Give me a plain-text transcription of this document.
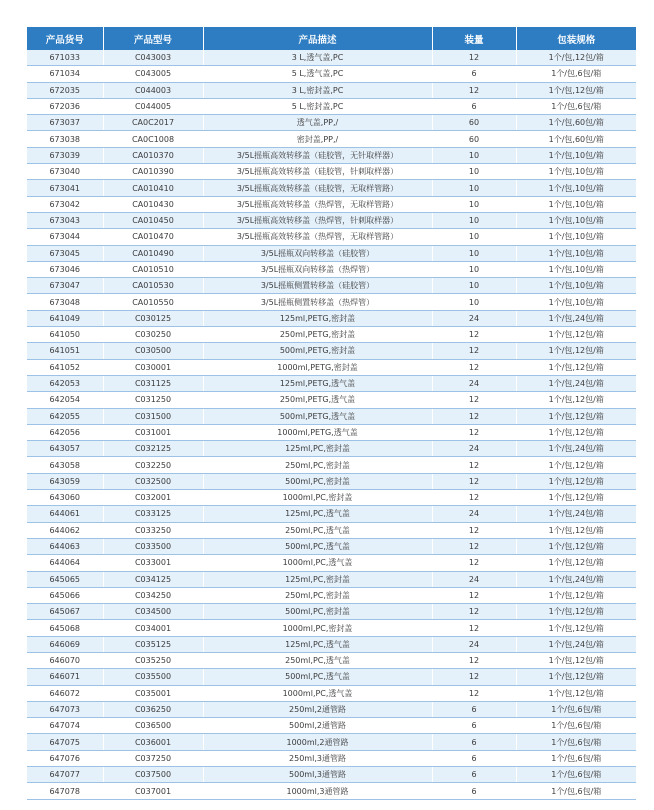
产品货号	产品型号	产品描述	装量	包装规格
671033	C043003	3 L,透气盖,PC	12	1个/包,12包/箱
671034	C043005	5 L,透气盖,PC	6	1个/包,6包/箱
672035	C044003	3 L,密封盖,PC	12	1个/包,12包/箱
672036	C044005	5 L,密封盖,PC	6	1个/包,6包/箱
673037	CA0C2017	透气盖,PP,/	60	1个/包,60包/箱
673038	CA0C1008	密封盖,PP,/	60	1个/包,60包/箱
673039	CA010370	3/5L摇瓶高效转移盖（硅胶管，无针取样器）	10	1个/包,10包/箱
673040	CA010390	3/5L摇瓶高效转移盖（硅胶管，针刺取样器）	10	1个/包,10包/箱
673041	CA010410	3/5L摇瓶高效转移盖（硅胶管，无取样管路）	10	1个/包,10包/箱
673042	CA010430	3/5L摇瓶高效转移盖（热焊管，无取样管路）	10	1个/包,10包/箱
673043	CA010450	3/5L摇瓶高效转移盖（热焊管，针刺取样器）	10	1个/包,10包/箱
673044	CA010470	3/5L摇瓶高效转移盖（热焊管，无取样管路）	10	1个/包,10包/箱
673045	CA010490	3/5L摇瓶双向转移盖（硅胶管）	10	1个/包,10包/箱
673046	CA010510	3/5L摇瓶双向转移盖（热焊管）	10	1个/包,10包/箱
673047	CA010530	3/5L摇瓶侧置转移盖（硅胶管）	10	1个/包,10包/箱
673048	CA010550	3/5L摇瓶侧置转移盖（热焊管）	10	1个/包,10包/箱
641049	C030125	125ml,PETG,密封盖	24	1个/包,24包/箱
641050	C030250	250ml,PETG,密封盖	12	1个/包,12包/箱
641051	C030500	500ml,PETG,密封盖	12	1个/包,12包/箱
641052	C030001	1000ml,PETG,密封盖	12	1个/包,12包/箱
642053	C031125	125ml,PETG,透气盖	24	1个/包,24包/箱
642054	C031250	250ml,PETG,透气盖	12	1个/包,12包/箱
642055	C031500	500ml,PETG,透气盖	12	1个/包,12包/箱
642056	C031001	1000ml,PETG,透气盖	12	1个/包,12包/箱
643057	C032125	125ml,PC,密封盖	24	1个/包,24包/箱
643058	C032250	250ml,PC,密封盖	12	1个/包,12包/箱
643059	C032500	500ml,PC,密封盖	12	1个/包,12包/箱
643060	C032001	1000ml,PC,密封盖	12	1个/包,12包/箱
644061	C033125	125ml,PC,透气盖	24	1个/包,24包/箱
644062	C033250	250ml,PC,透气盖	12	1个/包,12包/箱
644063	C033500	500ml,PC,透气盖	12	1个/包,12包/箱
644064	C033001	1000ml,PC,透气盖	12	1个/包,12包/箱
645065	C034125	125ml,PC,密封盖	24	1个/包,24包/箱
645066	C034250	250ml,PC,密封盖	12	1个/包,12包/箱
645067	C034500	500ml,PC,密封盖	12	1个/包,12包/箱
645068	C034001	1000ml,PC,密封盖	12	1个/包,12包/箱
646069	C035125	125ml,PC,透气盖	24	1个/包,24包/箱
646070	C035250	250ml,PC,透气盖	12	1个/包,12包/箱
646071	C035500	500ml,PC,透气盖	12	1个/包,12包/箱
646072	C035001	1000ml,PC,透气盖	12	1个/包,12包/箱
647073	C036250	250ml,2通管路	6	1个/包,6包/箱
647074	C036500	500ml,2通管路	6	1个/包,6包/箱
647075	C036001	1000ml,2通管路	6	1个/包,6包/箱
647076	C037250	250ml,3通管路	6	1个/包,6包/箱
647077	C037500	500ml,3通管路	6	1个/包,6包/箱
647078	C037001	1000ml,3通管路	6	1个/包,6包/箱
